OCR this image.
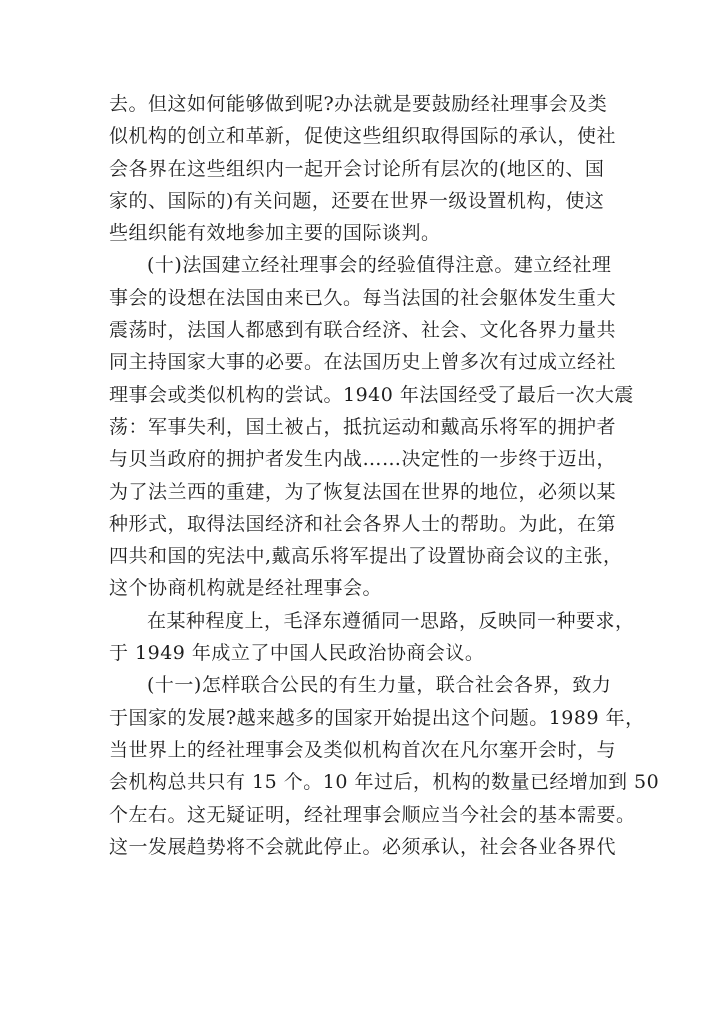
去。但这如何能够做到呢?办法就是要鼓励经社理事会及类
似机构的创立和革新，促使这些组织取得国际的承认，使社
会各界在这些组织内一起开会讨论所有层次的(地区的、国
家的、国际的)有关问题，还要在世界一级设置机构，使这
些组织能有效地参加主要的国际谈判。
(十)法国建立经社理事会的经验值得注意。建立经社理
事会的设想在法国由来已久。每当法国的社会躯体发生重大
震荡时，法国人都感到有联合经济、社会、文化各界力量共
同主持国家大事的必要。在法国历史上曾多次有过成立经社
理事会或类似机构的尝试。1940 年法国经受了最后一次大震
荡：军事失利，国土被占，抵抗运动和戴高乐将军的拥护者
与贝当政府的拥护者发生内战……决定性的一步终于迈出，
为了法兰西的重建，为了恢复法国在世界的地位，必须以某
种形式，取得法国经济和社会各界人士的帮助。为此，在第
四共和国的宪法中,戴高乐将军提出了设置协商会议的主张，
这个协商机构就是经社理事会。
在某种程度上，毛泽东遵循同一思路，反映同一种要求，
于 1949 年成立了中国人民政治协商会议。
(十一)怎样联合公民的有生力量，联合社会各界，致力
于国家的发展?越来越多的国家开始提出这个问题。1989 年，
当世界上的经社理事会及类似机构首次在凡尔塞开会时，与
会机构总共只有 15 个。10 年过后，机构的数量已经增加到 50
个左右。这无疑证明，经社理事会顺应当今社会的基本需要。
这一发展趋势将不会就此停止。必须承认，社会各业各界代
